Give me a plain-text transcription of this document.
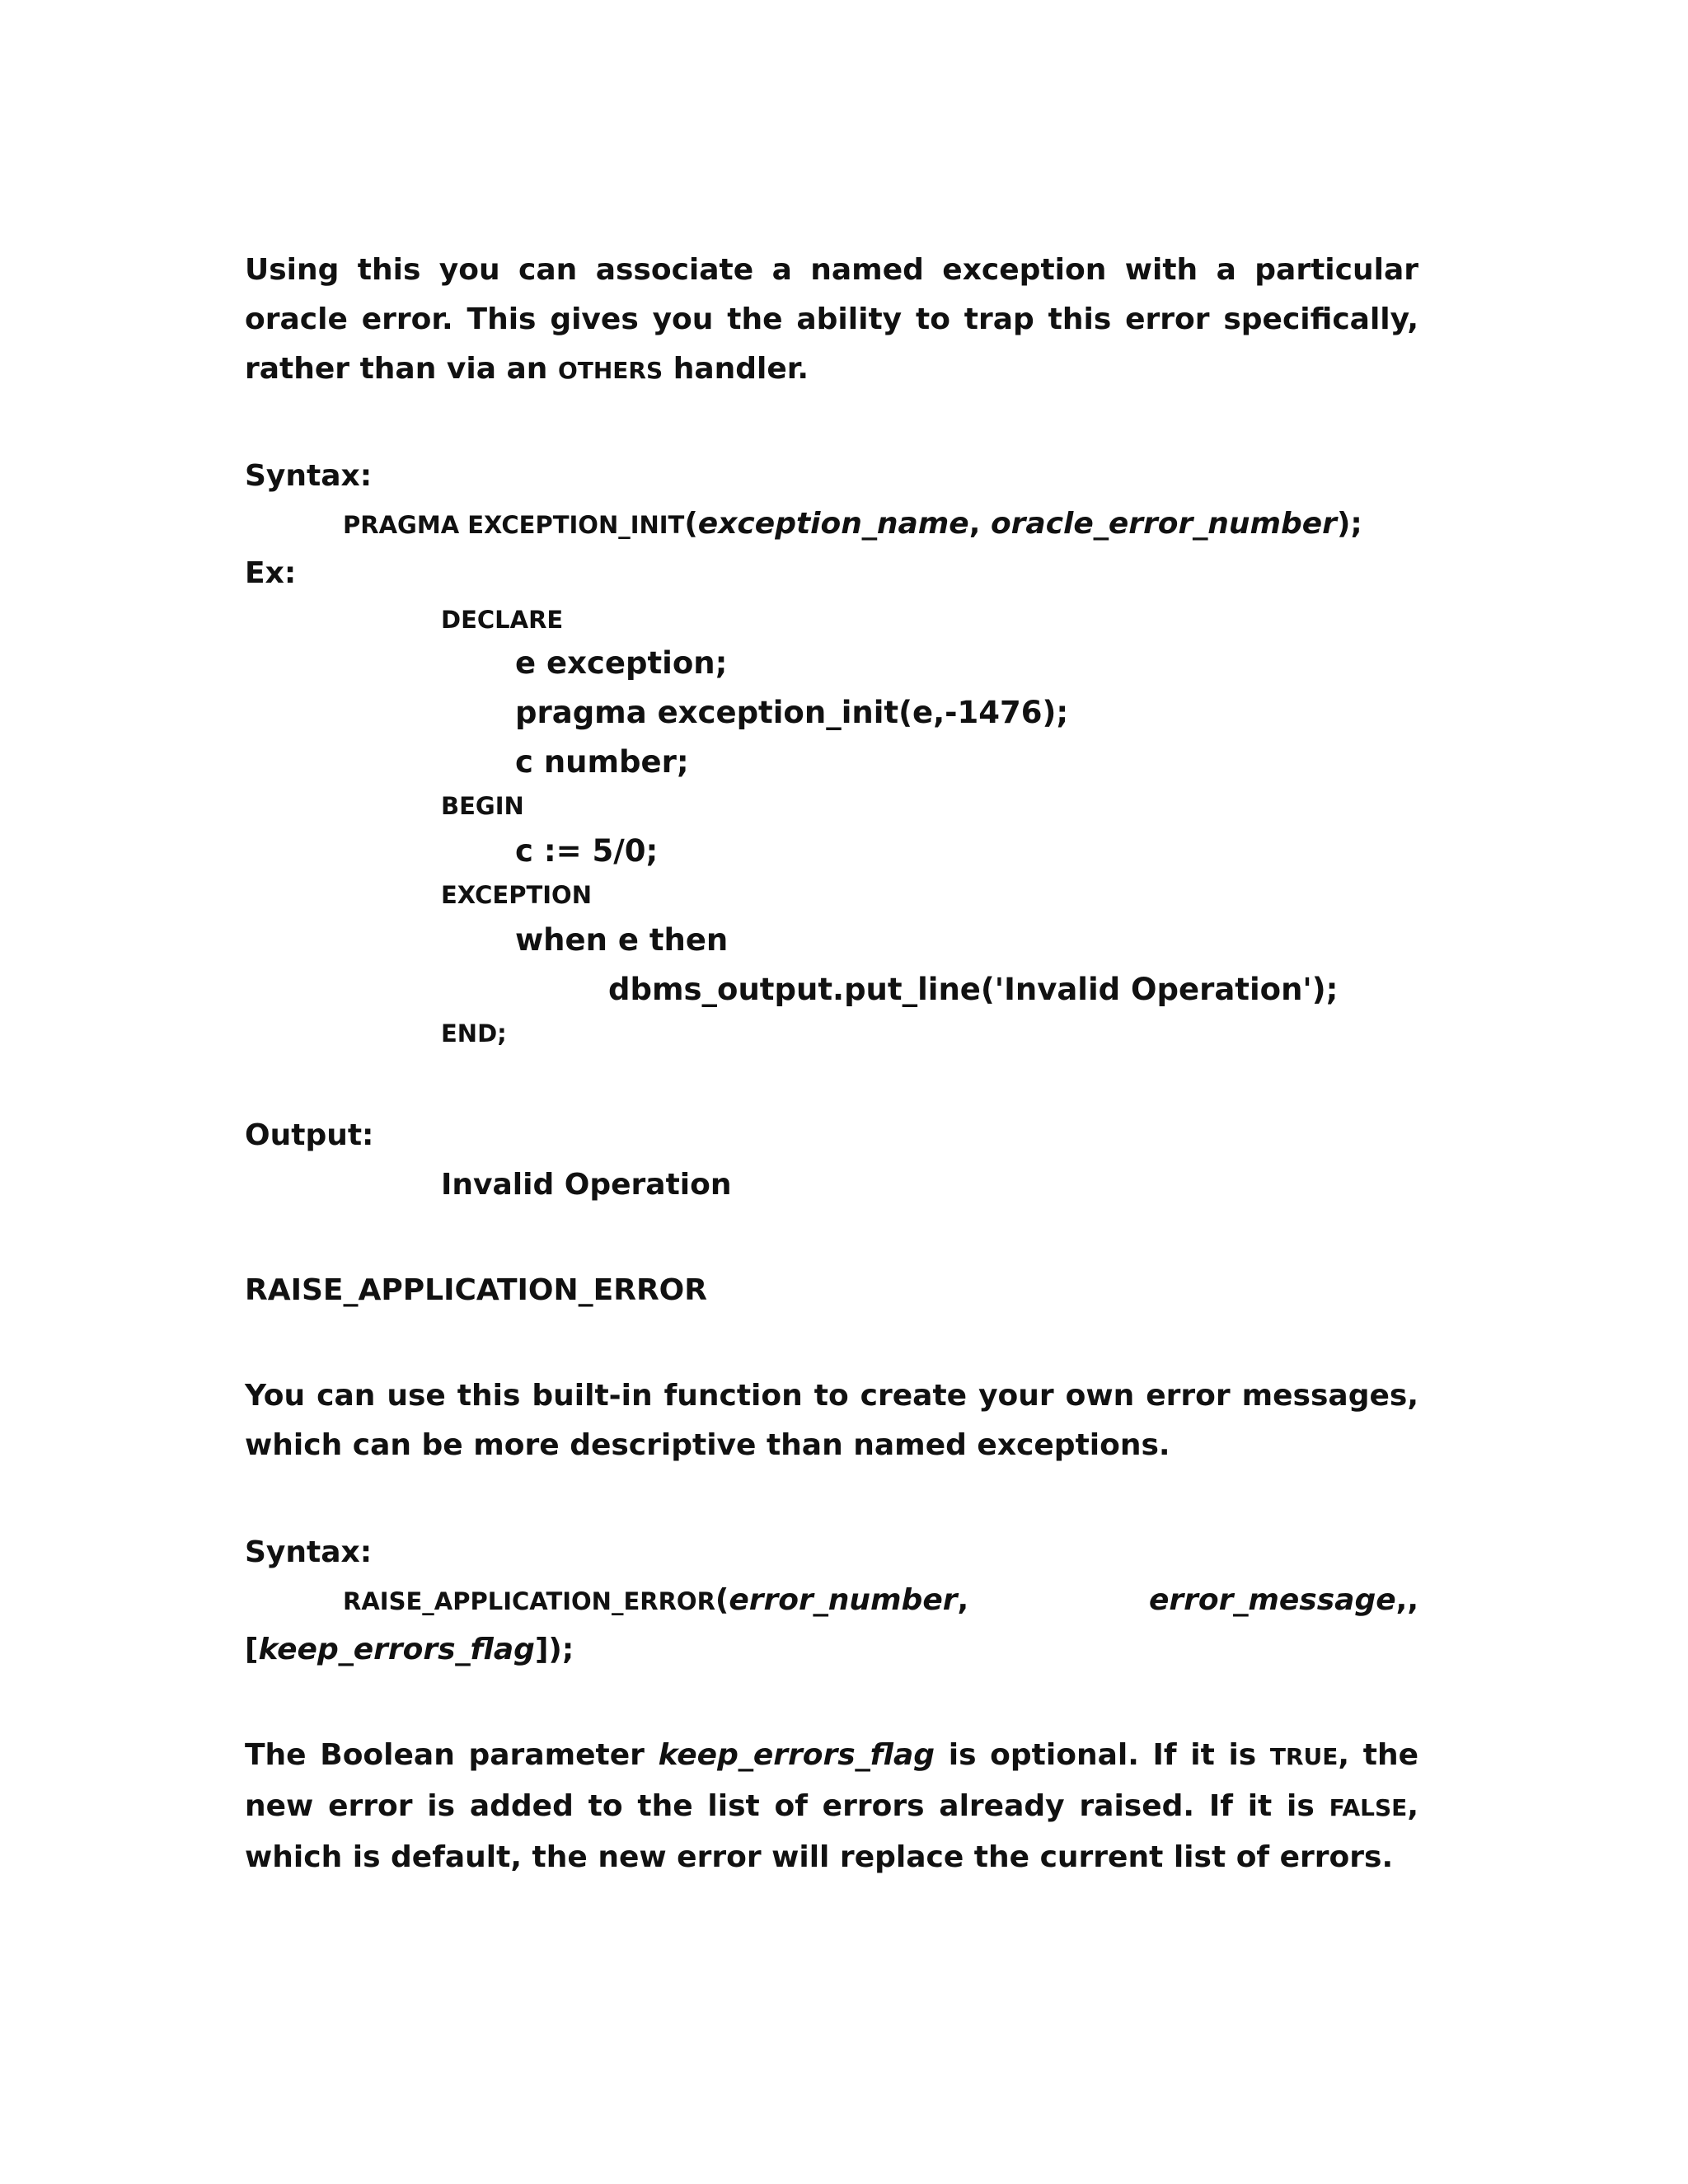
Using this you can associate a named exception with a particular oracle error. This gives you the ability to trap this error specifically, rather than via an OTHERS handler.
Syntax:
PRAGMA EXCEPTION_INIT(exception_name, oracle_error_number);
Ex:
DECLARE
e exception;
pragma exception_init(e,-1476);
c number;
BEGIN
c := 5/0;
EXCEPTION
when e then
dbms_output.put_line('Invalid Operation');
END;
Output:
Invalid Operation
RAISE_APPLICATION_ERROR
You can use this built-in function to create your own error messages, which can be more descriptive than named exceptions.
Syntax:
RAISE_APPLICATION_ERROR(error_number,	error_message,,
[keep_errors_flag]);
The Boolean parameter keep_errors_flag is optional. If it is TRUE, the new error is added to the list of errors already raised. If it is FALSE, which is default, the new error will replace the current list of errors.
